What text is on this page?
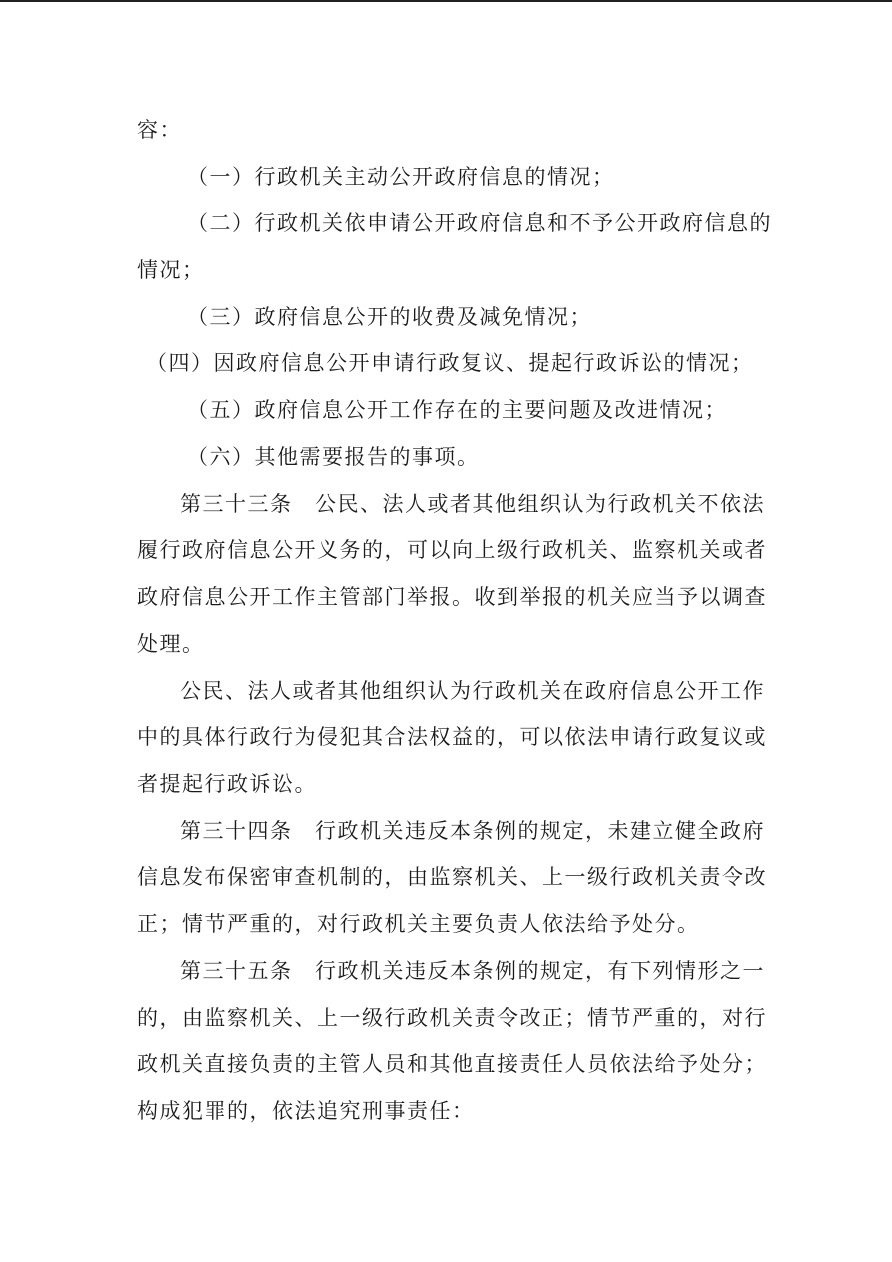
容：
（一）行政机关主动公开政府信息的情况；
（二）行政机关依申请公开政府信息和不予公开政府信息的
情况；
（三）政府信息公开的收费及减免情况；
（四）因政府信息公开申请行政复议、提起行政诉讼的情况；
（五）政府信息公开工作存在的主要问题及改进情况；
（六）其他需要报告的事项。
第三十三条　公民、法人或者其他组织认为行政机关不依法
履行政府信息公开义务的，可以向上级行政机关、监察机关或者
政府信息公开工作主管部门举报。收到举报的机关应当予以调查
处理。
公民、法人或者其他组织认为行政机关在政府信息公开工作
中的具体行政行为侵犯其合法权益的，可以依法申请行政复议或
者提起行政诉讼。
第三十四条　行政机关违反本条例的规定，未建立健全政府
信息发布保密审查机制的，由监察机关、上一级行政机关责令改
正；情节严重的，对行政机关主要负责人依法给予处分。
第三十五条　行政机关违反本条例的规定，有下列情形之一
的，由监察机关、上一级行政机关责令改正；情节严重的，对行
政机关直接负责的主管人员和其他直接责任人员依法给予处分；
构成犯罪的，依法追究刑事责任：
